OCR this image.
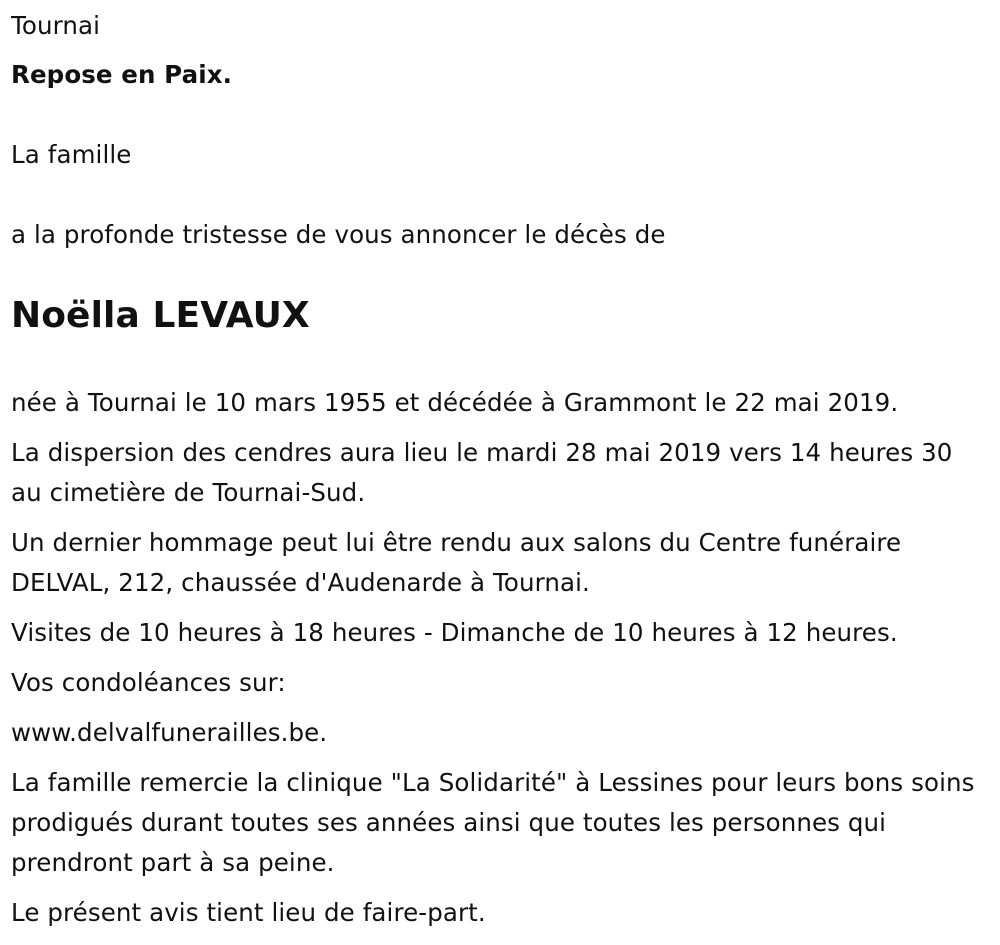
Tournai

Repose en Paix.

La famille

a la profonde tristesse de vous annoncer le décès de

Noëlla LEVAUX

née à Tournai le 10 mars 1955 et décédée à Grammont le 22 mai 2019.

La dispersion des cendres aura lieu le mardi 28 mai 2019 vers 14 heures 30 au cimetière de Tournai-Sud.

Un dernier hommage peut lui être rendu aux salons du Centre funéraire DELVAL, 212, chaussée d'Audenarde à Tournai.

Visites de 10 heures à 18 heures - Dimanche de 10 heures à 12 heures.

Vos condoléances sur:

www.delvalfunerailles.be.

La famille remercie la clinique "La Solidarité" à Lessines pour leurs bons soins prodigués durant toutes ses années ainsi que toutes les personnes qui prendront part à sa peine.

Le présent avis tient lieu de faire-part.
